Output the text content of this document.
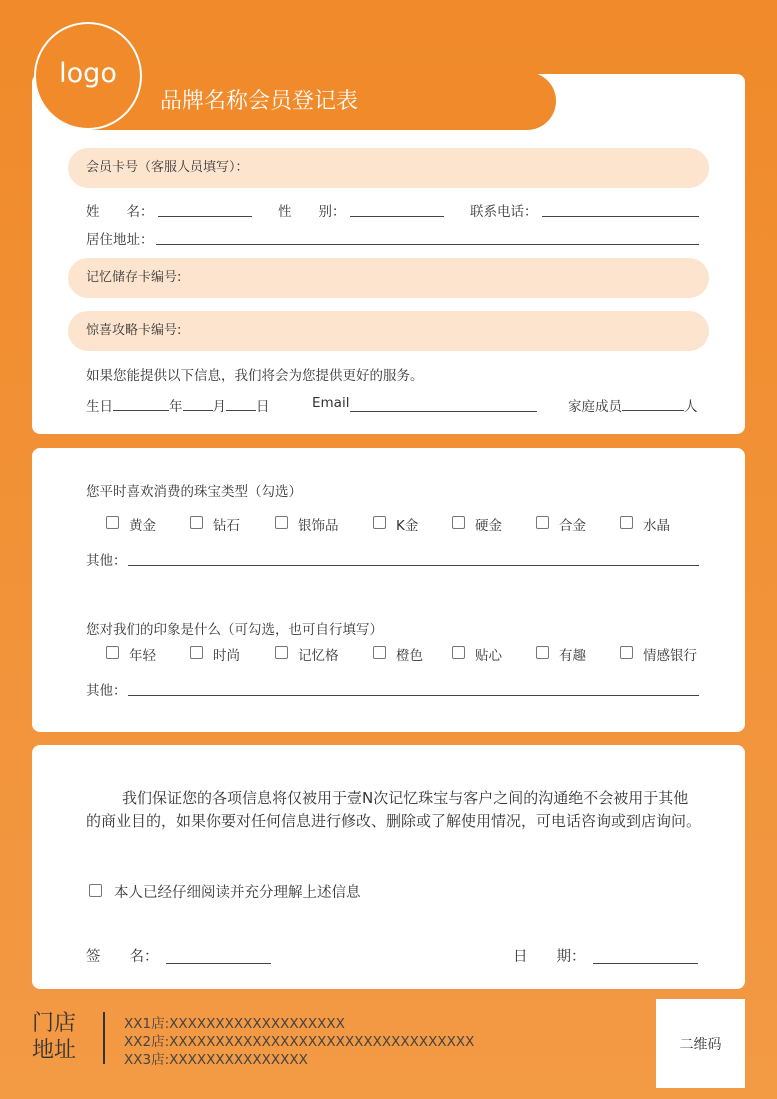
logo
品牌名称会员登记表
会员卡号（客服人员填写）：
姓　　名：	性　　别：	联系电话：
居住地址：
记忆储存卡编号:
惊喜攻略卡编号:
如果您能提供以下信息，我们将会为您提供更好的服务。
生日	年 月 日	Email	家庭成员	人
您平时喜欢消费的珠宝类型（勾选）
黄金	钻石	银饰品	K金	硬金	合金	水晶
其他：
您对我们的印象是什么（可勾选，也可自行填写）
年轻	时尚	记忆格	橙色	贴心	有趣	情感银行
其他：
我们保证您的各项信息将仅被用于壹N次记忆珠宝与客户之间的沟通绝不会被用于其他的商业目的，如果你要对任何信息进行修改、删除或了解使用情况，可电话咨询或到店询问。
本人已经仔细阅读并充分理解上述信息
签　　名：	日　　期：
门店地址
XX1店:XXXXXXXXXXXXXXXXXXX
XX2店:XXXXXXXXXXXXXXXXXXXXXXXXXXXXXXXXX
XX3店:XXXXXXXXXXXXXXX
二维码
